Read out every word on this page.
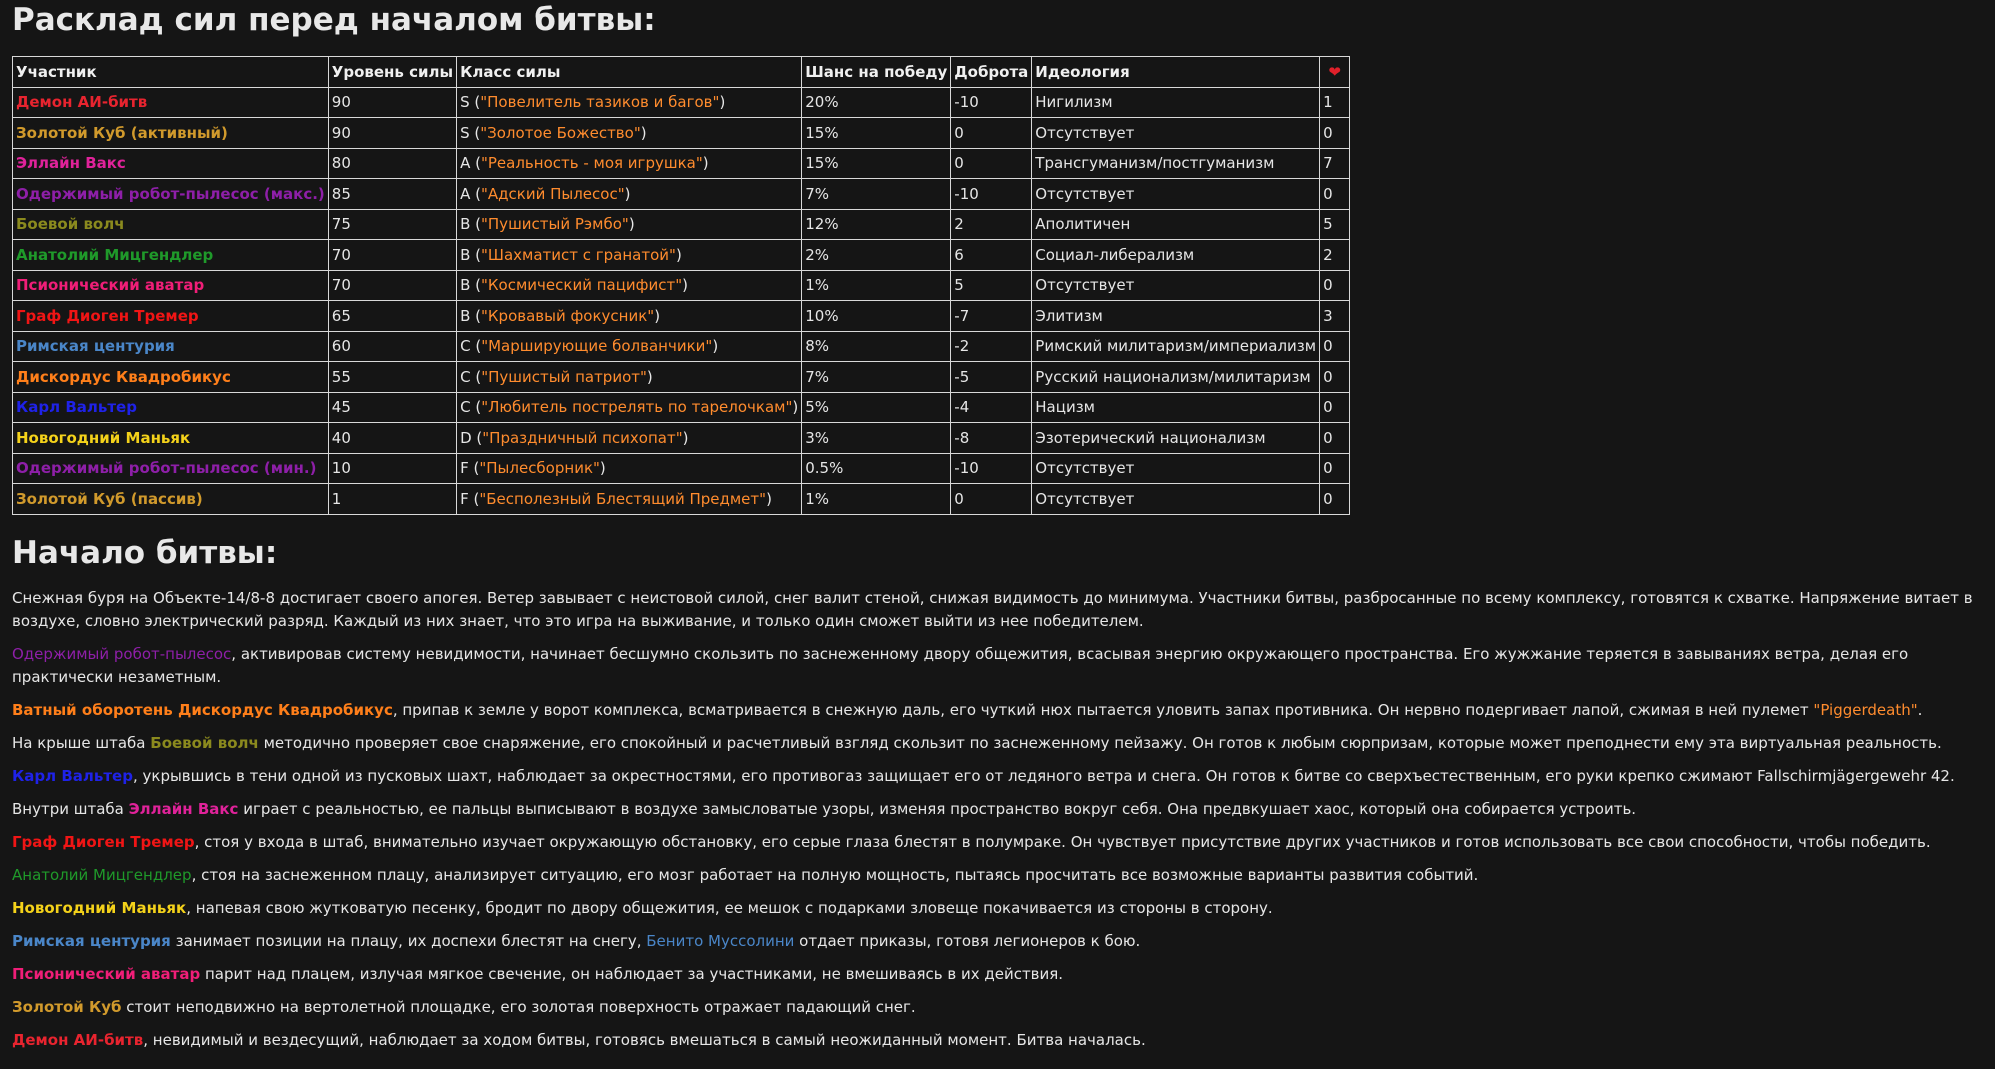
Расклад сил перед началом битвы:
Участник	Уровень силы	Класс силы	Шанс на победу	Доброта	Идеология	❤
Демон АИ-битв	90	S ("Повелитель тазиков и багов")	20%	-10	Нигилизм	1
Золотой Куб (активный)	90	S ("Золотое Божество")	15%	0	Отсутствует	0
Эллайн Вакс	80	A ("Реальность - моя игрушка")	15%	0	Трансгуманизм/постгуманизм	7
Одержимый робот-пылесос (макс.)	85	A ("Адский Пылесос")	7%	-10	Отсутствует	0
Боевой волч	75	B ("Пушистый Рэмбо")	12%	2	Аполитичен	5
Анатолий Мицгендлер	70	B ("Шахматист с гранатой")	2%	6	Социал-либерализм	2
Псионический аватар	70	B ("Космический пацифист")	1%	5	Отсутствует	0
Граф Диоген Тремер	65	B ("Кровавый фокусник")	10%	-7	Элитизм	3
Римская центурия	60	C ("Марширующие болванчики")	8%	-2	Римский милитаризм/империализм	0
Дискордус Квадробикус	55	C ("Пушистый патриот")	7%	-5	Русский национализм/милитаризм	0
Карл Вальтер	45	C ("Любитель пострелять по тарелочкам")	5%	-4	Нацизм	0
Новогодний Маньяк	40	D ("Праздничный психопат")	3%	-8	Эзотерический национализм	0
Одержимый робот-пылесос (мин.)	10	F ("Пылесборник")	0.5%	-10	Отсутствует	0
Золотой Куб (пассив)	1	F ("Бесполезный Блестящий Предмет")	1%	0	Отсутствует	0
Начало битвы:

Снежная буря на Объекте-14/8-8 достигает своего апогея. Ветер завывает с неистовой силой, снег валит стеной, снижая видимость до минимума. Участники битвы, разбросанные по всему комплексу, готовятся к схватке. Напряжение витает в воздухе, словно электрический разряд. Каждый из них знает, что это игра на выживание, и только один сможет выйти из нее победителем.

Одержимый робот-пылесос, активировав систему невидимости, начинает бесшумно скользить по заснеженному двору общежития, всасывая энергию окружающего пространства. Его жужжание теряется в завываниях ветра, делая его практически незаметным.

Ватный оборотень Дискордус Квадробикус, припав к земле у ворот комплекса, всматривается в снежную даль, его чуткий нюх пытается уловить запах противника. Он нервно подергивает лапой, сжимая в ней пулемет "Piggerdeath".

На крыше штаба Боевой волч методично проверяет свое снаряжение, его спокойный и расчетливый взгляд скользит по заснеженному пейзажу. Он готов к любым сюрпризам, которые может преподнести ему эта виртуальная реальность.

Карл Вальтер, укрывшись в тени одной из пусковых шахт, наблюдает за окрестностями, его противогаз защищает его от ледяного ветра и снега. Он готов к битве со сверхъестественным, его руки крепко сжимают Fallschirmjägergewehr 42.

Внутри штаба Эллайн Вакс играет с реальностью, ее пальцы выписывают в воздухе замысловатые узоры, изменяя пространство вокруг себя. Она предвкушает хаос, который она собирается устроить.

Граф Диоген Тремер, стоя у входа в штаб, внимательно изучает окружающую обстановку, его серые глаза блестят в полумраке. Он чувствует присутствие других участников и готов использовать все свои способности, чтобы победить.

Анатолий Мицгендлер, стоя на заснеженном плацу, анализирует ситуацию, его мозг работает на полную мощность, пытаясь просчитать все возможные варианты развития событий.

Новогодний Маньяк, напевая свою жутковатую песенку, бродит по двору общежития, ее мешок с подарками зловеще покачивается из стороны в сторону.

Римская центурия занимает позиции на плацу, их доспехи блестят на снегу, Бенито Муссолини отдает приказы, готовя легионеров к бою.

Псионический аватар парит над плацем, излучая мягкое свечение, он наблюдает за участниками, не вмешиваясь в их действия.

Золотой Куб стоит неподвижно на вертолетной площадке, его золотая поверхность отражает падающий снег.

Демон АИ-битв, невидимый и вездесущий, наблюдает за ходом битвы, готовясь вмешаться в самый неожиданный момент. Битва началась.
